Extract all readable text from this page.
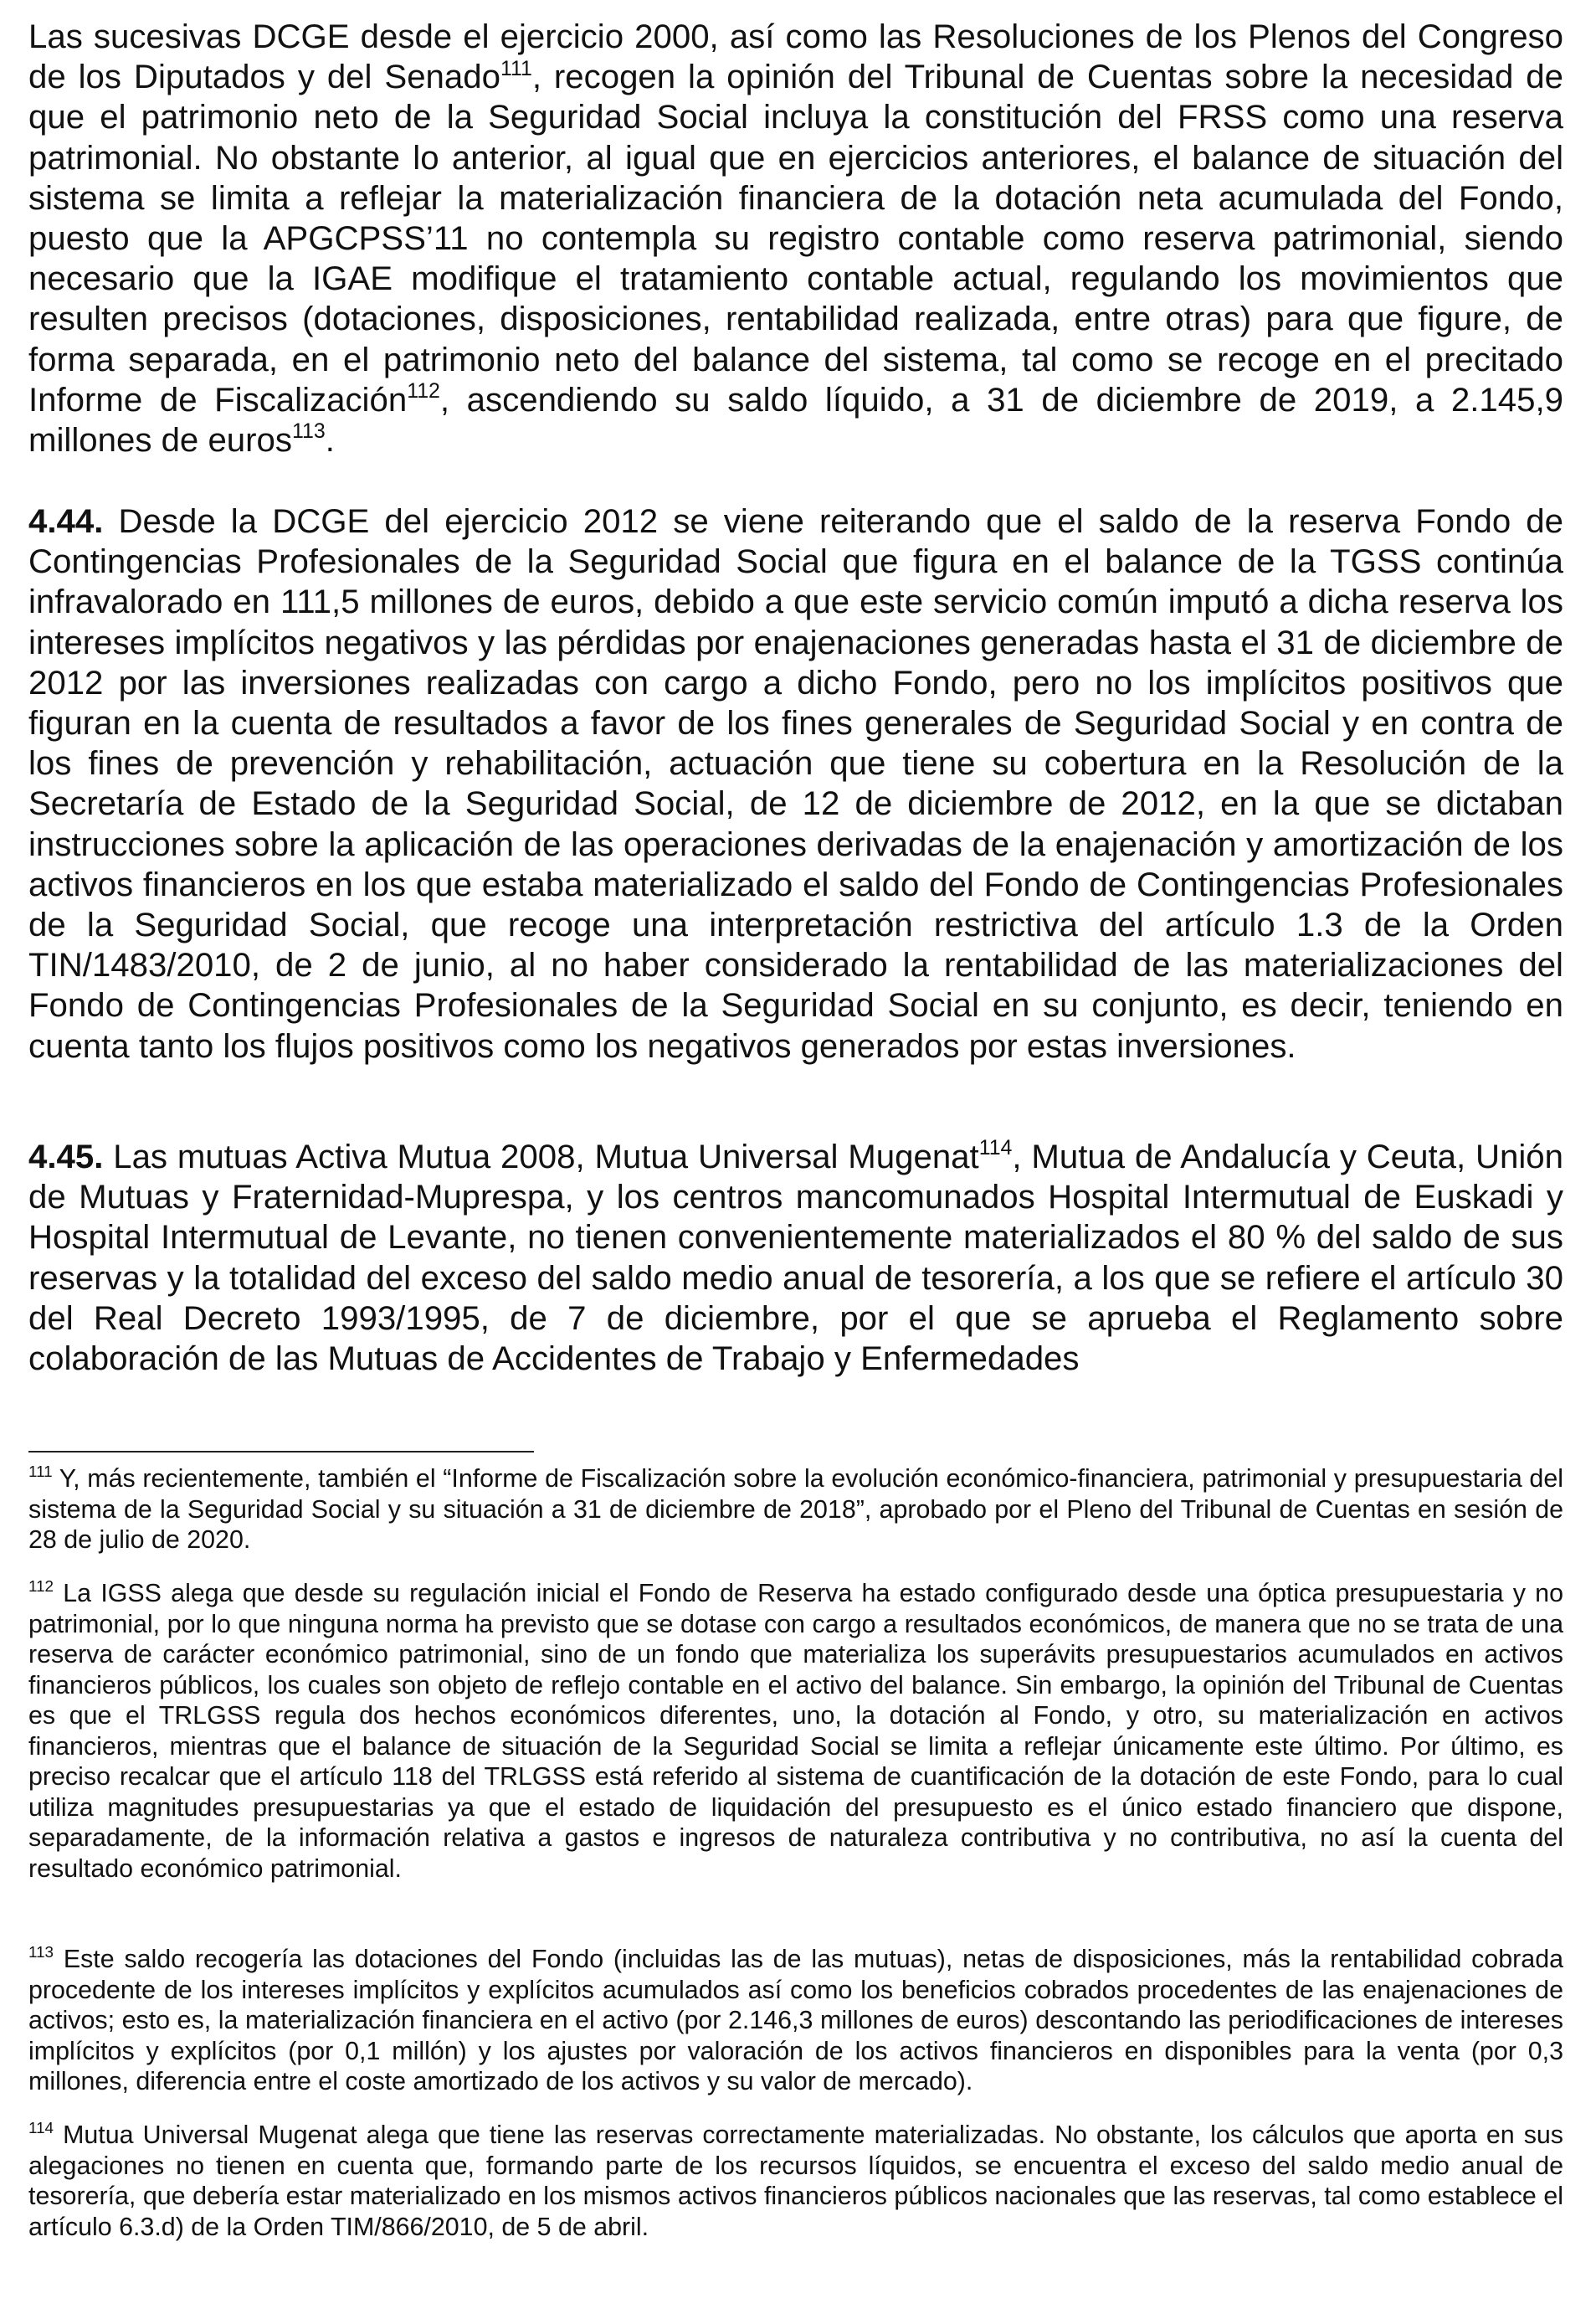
Las sucesivas DCGE desde el ejercicio 2000, así como las Resoluciones de los Plenos del Congreso de los Diputados y del Senado$^{111}$, recogen la opinión del Tribunal de Cuentas sobre la necesidad de que el patrimonio neto de la Seguridad Social incluya la constitución del FRSS como una reserva patrimonial. No obstante lo anterior, al igual que en ejercicios anteriores, el balance de situación del sistema se limita a reflejar la materialización financiera de la dotación neta acumulada del Fondo, puesto que la APGCPSS’11 no contempla su registro contable como reserva patrimonial, siendo necesario que la IGAE modifique el tratamiento contable actual, regulando los movimientos que resulten precisos (dotaciones, disposiciones, rentabilidad realizada, entre otras) para que figure, de forma separada, en el patrimonio neto del balance del sistema, tal como se recoge en el precitado Informe de Fiscalización$^{112}$, ascendiendo su saldo líquido, a 31 de diciembre de 2019, a 2.145,9 millones de euros$^{113}$.

4.44. Desde la DCGE del ejercicio 2012 se viene reiterando que el saldo de la reserva Fondo de Contingencias Profesionales de la Seguridad Social que figura en el balance de la TGSS continúa infravalorado en 111,5 millones de euros, debido a que este servicio común imputó a dicha reserva los intereses implícitos negativos y las pérdidas por enajenaciones generadas hasta el 31 de diciembre de 2012 por las inversiones realizadas con cargo a dicho Fondo, pero no los implícitos positivos que figuran en la cuenta de resultados a favor de los fines generales de Seguridad Social y en contra de los fines de prevención y rehabilitación, actuación que tiene su cobertura en la Resolución de la Secretaría de Estado de la Seguridad Social, de 12 de diciembre de 2012, en la que se dictaban instrucciones sobre la aplicación de las operaciones derivadas de la enajenación y amortización de los activos financieros en los que estaba materializado el saldo del Fondo de Contingencias Profesionales de la Seguridad Social, que recoge una interpretación restrictiva del artículo 1.3 de la Orden TIN/1483/2010, de 2 de junio, al no haber considerado la rentabilidad de las materializaciones del Fondo de Contingencias Profesionales de la Seguridad Social en su conjunto, es decir, teniendo en cuenta tanto los flujos positivos como los negativos generados por estas inversiones.

4.45. Las mutuas Activa Mutua 2008, Mutua Universal Mugenat$^{114}$, Mutua de Andalucía y Ceuta, Unión de Mutuas y Fraternidad-Muprespa, y los centros mancomunados Hospital Intermutual de Euskadi y Hospital Intermutual de Levante, no tienen convenientemente materializados el 80 % del saldo de sus reservas y la totalidad del exceso del saldo medio anual de tesorería, a los que se refiere el artículo 30 del Real Decreto 1993/1995, de 7 de diciembre, por el que se aprueba el Reglamento sobre colaboración de las Mutuas de Accidentes de Trabajo y Enfermedades

$^{111}$ Y, más recientemente, también el “Informe de Fiscalización sobre la evolución económico-financiera, patrimonial y presupuestaria del sistema de la Seguridad Social y su situación a 31 de diciembre de 2018”, aprobado por el Pleno del Tribunal de Cuentas en sesión de 28 de julio de 2020.

$^{112}$ La IGSS alega que desde su regulación inicial el Fondo de Reserva ha estado configurado desde una óptica presupuestaria y no patrimonial, por lo que ninguna norma ha previsto que se dotase con cargo a resultados económicos, de manera que no se trata de una reserva de carácter económico patrimonial, sino de un fondo que materializa los superávits presupuestarios acumulados en activos financieros públicos, los cuales son objeto de reflejo contable en el activo del balance. Sin embargo, la opinión del Tribunal de Cuentas es que el TRLGSS regula dos hechos económicos diferentes, uno, la dotación al Fondo, y otro, su materialización en activos financieros, mientras que el balance de situación de la Seguridad Social se limita a reflejar únicamente este último. Por último, es preciso recalcar que el artículo 118 del TRLGSS está referido al sistema de cuantificación de la dotación de este Fondo, para lo cual utiliza magnitudes presupuestarias ya que el estado de liquidación del presupuesto es el único estado financiero que dispone, separadamente, de la información relativa a gastos e ingresos de naturaleza contributiva y no contributiva, no así la cuenta del resultado económico patrimonial.

$^{113}$ Este saldo recogería las dotaciones del Fondo (incluidas las de las mutuas), netas de disposiciones, más la rentabilidad cobrada procedente de los intereses implícitos y explícitos acumulados así como los beneficios cobrados procedentes de las enajenaciones de activos; esto es, la materialización financiera en el activo (por 2.146,3 millones de euros) descontando las periodificaciones de intereses implícitos y explícitos (por 0,1 millón) y los ajustes por valoración de los activos financieros en disponibles para la venta (por 0,3 millones, diferencia entre el coste amortizado de los activos y su valor de mercado).

$^{114}$ Mutua Universal Mugenat alega que tiene las reservas correctamente materializadas. No obstante, los cálculos que aporta en sus alegaciones no tienen en cuenta que, formando parte de los recursos líquidos, se encuentra el exceso del saldo medio anual de tesorería, que debería estar materializado en los mismos activos financieros públicos nacionales que las reservas, tal como establece el artículo 6.3.d) de la Orden TIM/866/2010, de 5 de abril.
